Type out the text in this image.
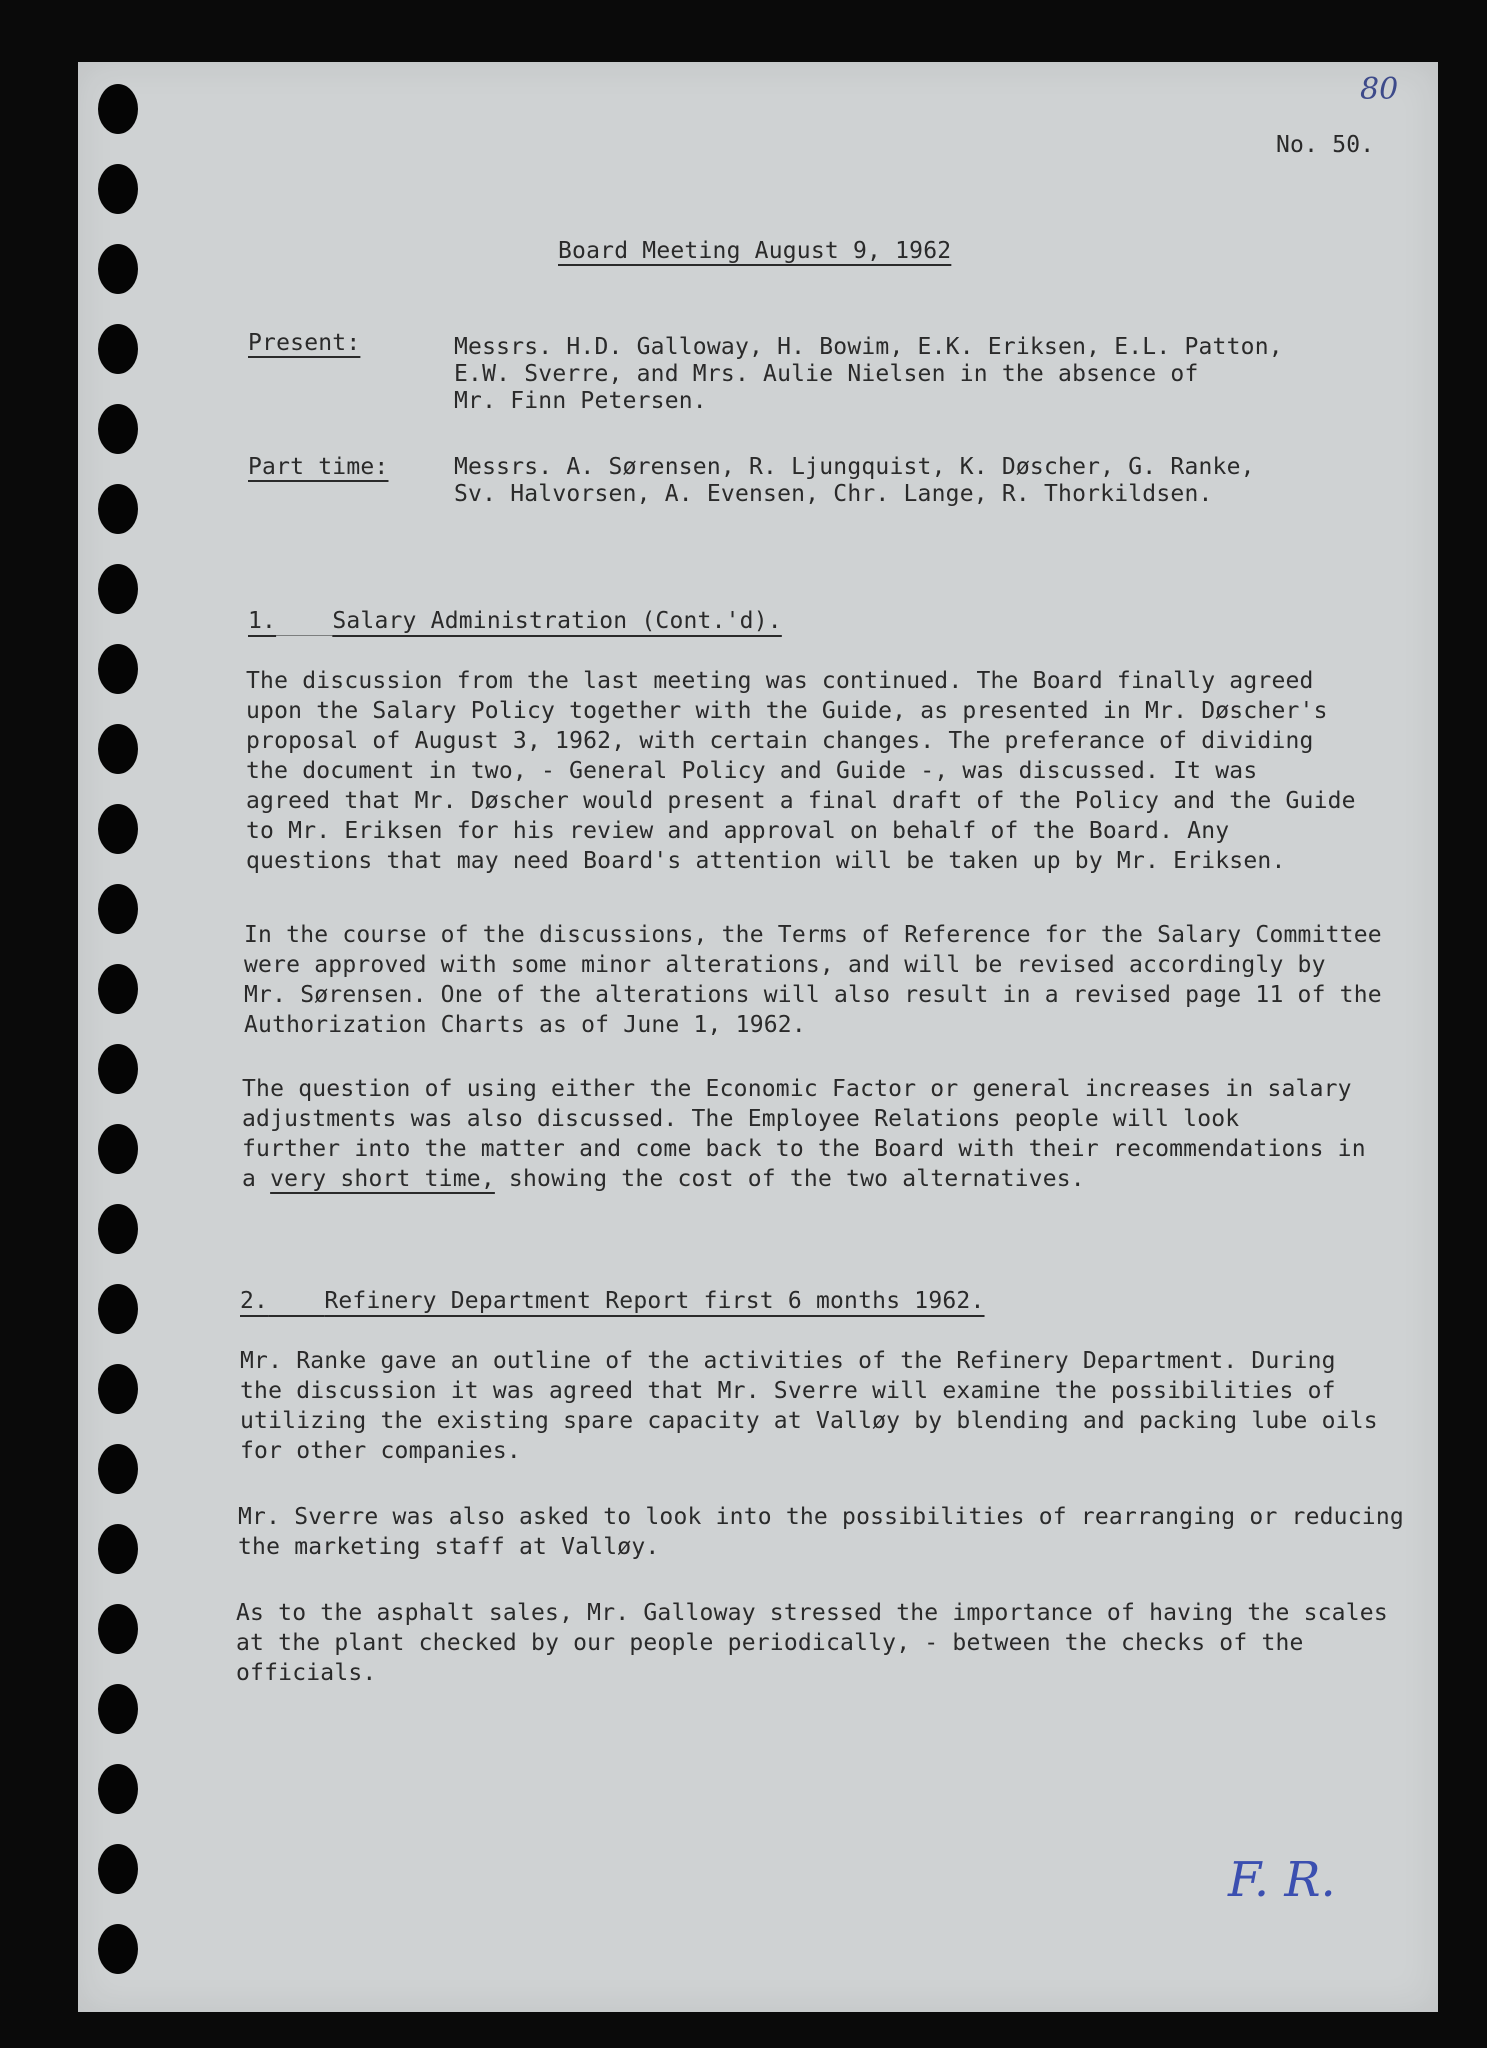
80
No. 50.
Board Meeting August 9, 1962
Present:	Messrs. H.D. Galloway, H. Bowim, E.K. Eriksen, E.L. Patton,
E.W. Sverre, and Mrs. Aulie Nielsen in the absence of
Mr. Finn Petersen.
Part time:	Messrs. A. Sørensen, R. Ljungquist, K. Døscher, G. Ranke,
Sv. Halvorsen, A. Evensen, Chr. Lange, R. Thorkildsen.
1. Salary Administration (Cont.'d).
The discussion from the last meeting was continued. The Board finally agreed
upon the Salary Policy together with the Guide, as presented in Mr. Døscher's
proposal of August 3, 1962, with certain changes. The preferance of dividing
the document in two, - General Policy and Guide -, was discussed. It was
agreed that Mr. Døscher would present a final draft of the Policy and the Guide
to Mr. Eriksen for his review and approval on behalf of the Board. Any
questions that may need Board's attention will be taken up by Mr. Eriksen.
In the course of the discussions, the Terms of Reference for the Salary Committee
were approved with some minor alterations, and will be revised accordingly by
Mr. Sørensen. One of the alterations will also result in a revised page 11 of the
Authorization Charts as of June 1, 1962.
The question of using either the Economic Factor or general increases in salary
adjustments was also discussed. The Employee Relations people will look
further into the matter and come back to the Board with their recommendations in
a very short time, showing the cost of the two alternatives.
2. Refinery Department Report first 6 months 1962.
Mr. Ranke gave an outline of the activities of the Refinery Department. During
the discussion it was agreed that Mr. Sverre will examine the possibilities of
utilizing the existing spare capacity at Valløy by blending and packing lube oils
for other companies.
Mr. Sverre was also asked to look into the possibilities of rearranging or reducing
the marketing staff at Valløy.
As to the asphalt sales, Mr. Galloway stressed the importance of having the scales
at the plant checked by our people periodically, - between the checks of the
officials.
F. R.
